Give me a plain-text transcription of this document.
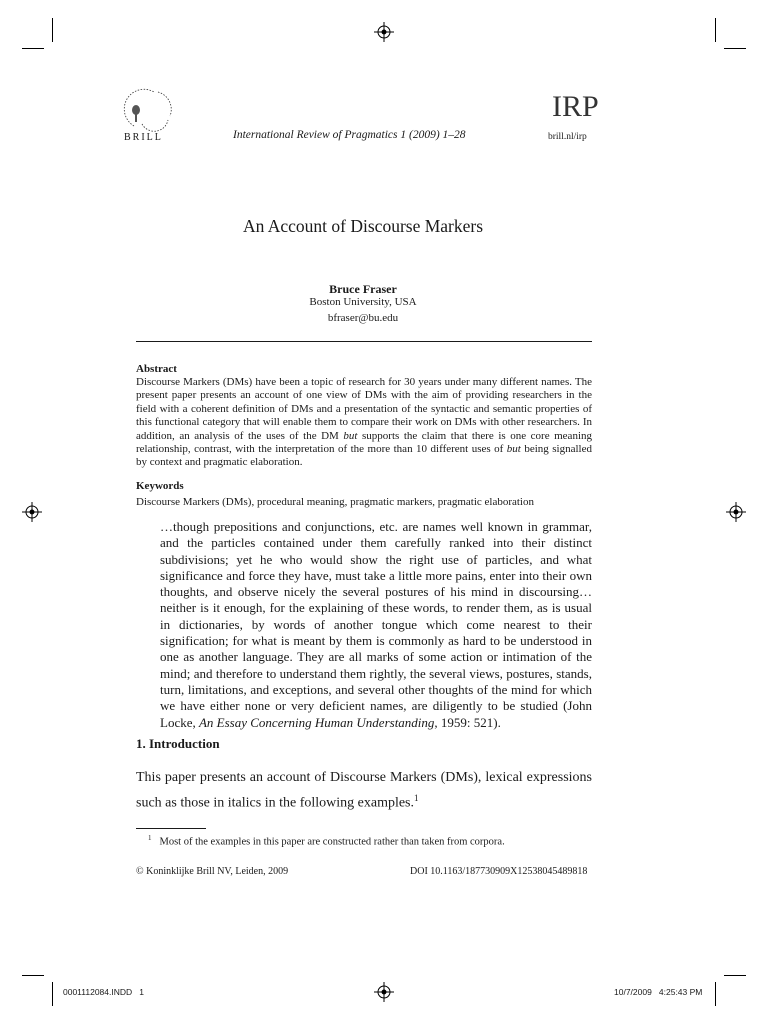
BRILL	International Review of Pragmatics 1 (2009) 1–28
IRP
brill.nl/irp
An Account of Discourse Markers
Bruce Fraser
Boston University, USA
bfraser@bu.edu
Abstract
Discourse Markers (DMs) have been a topic of research for 30 years under many different names. The present paper presents an account of one view of DMs with the aim of providing researchers in the field with a coherent definition of DMs and a presentation of the syntactic and semantic properties of this functional category that will enable them to compare their work on DMs with other researchers. In addition, an analysis of the uses of the DM but supports the claim that there is one core meaning relationship, contrast, with the interpretation of the more than 10 different uses of but being signalled by context and pragmatic elaboration.
Keywords
Discourse Markers (DMs), procedural meaning, pragmatic markers, pragmatic elaboration
…though prepositions and conjunctions, etc. are names well known in grammar, and the particles contained under them carefully ranked into their distinct subdivisions; yet he who would show the right use of particles, and what significance and force they have, must take a little more pains, enter into their own thoughts, and observe nicely the several postures of his mind in discoursing…neither is it enough, for the explaining of these words, to render them, as is usual in dictionaries, by words of another tongue which come nearest to their signification; for what is meant by them is commonly as hard to be understood in one as another language. They are all marks of some action or intimation of the mind; and therefore to understand them rightly, the several views, postures, stands, turn, limitations, and exceptions, and several other thoughts of the mind for which we have either none or very deficient names, are diligently to be studied (John Locke, An Essay Concerning Human Understanding, 1959: 521).
1. Introduction
This paper presents an account of Discourse Markers (DMs), lexical expressions such as those in italics in the following examples.$^1$
$^1$ Most of the examples in this paper are constructed rather than taken from corpora.
© Koninklijke Brill NV, Leiden, 2009	DOI 10.1163/187730909X12538045489818
0001112084.INDD   1	10/7/2009   4:25:43 PM
